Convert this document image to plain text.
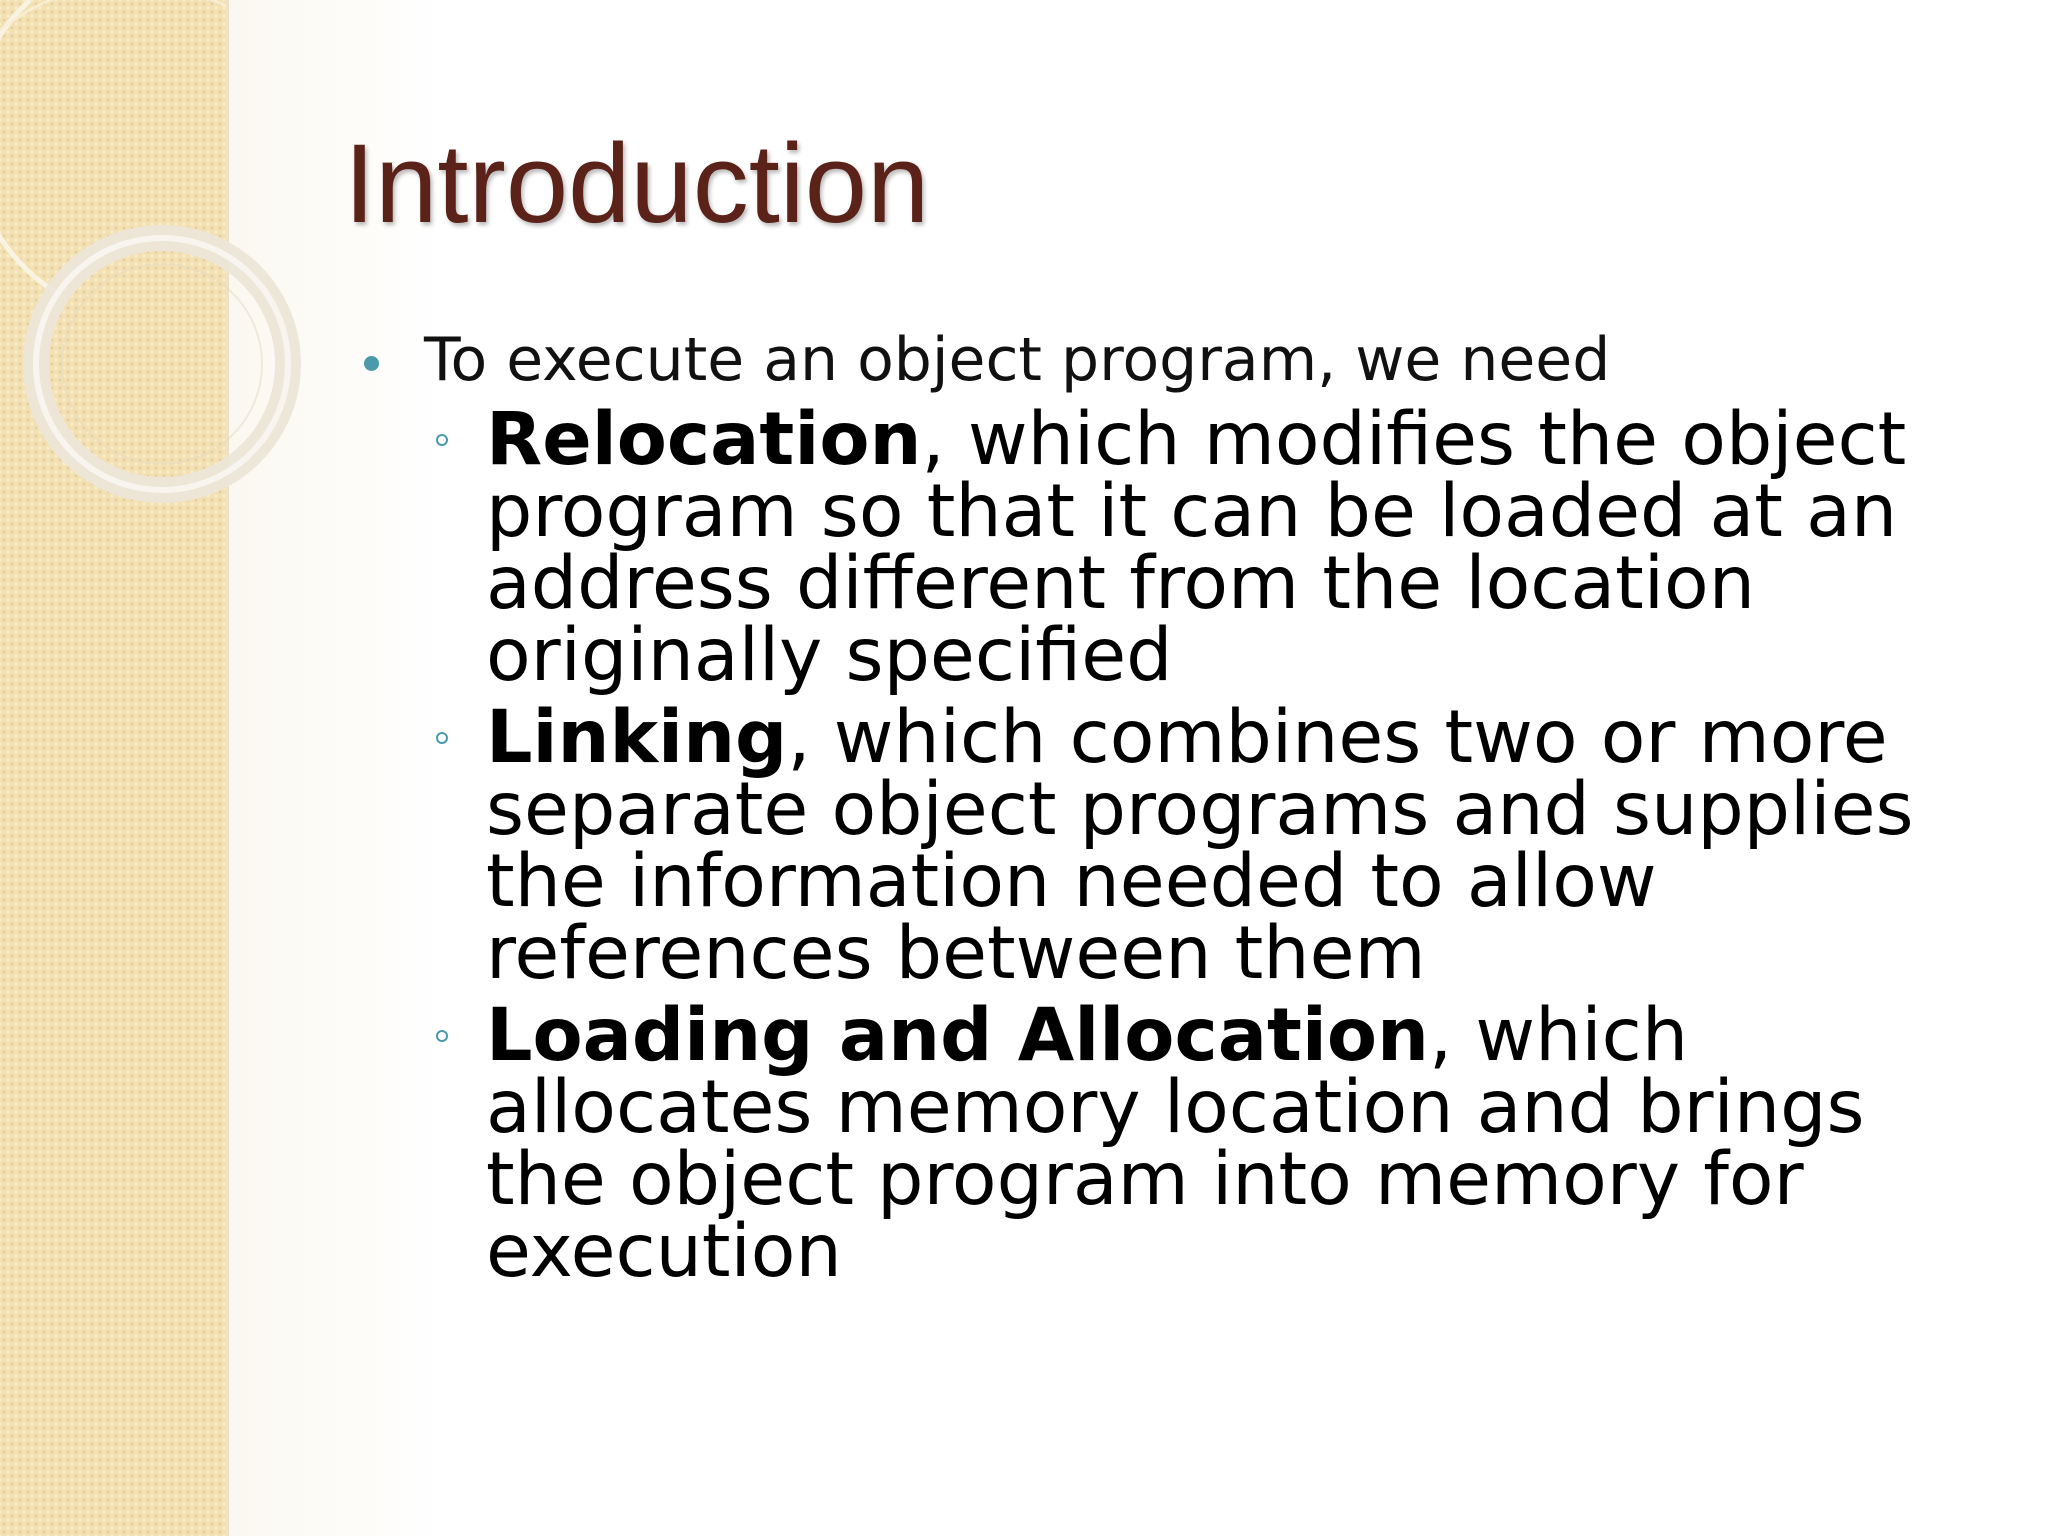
Introduction
To execute an object program, we need
Relocation, which modifies the object
program so that it can be loaded at an
address different from the location
originally specified
Linking, which combines two or more
separate object programs and supplies
the information needed to allow
references between them
Loading and Allocation, which
allocates memory location and brings
the object program into memory for
execution
